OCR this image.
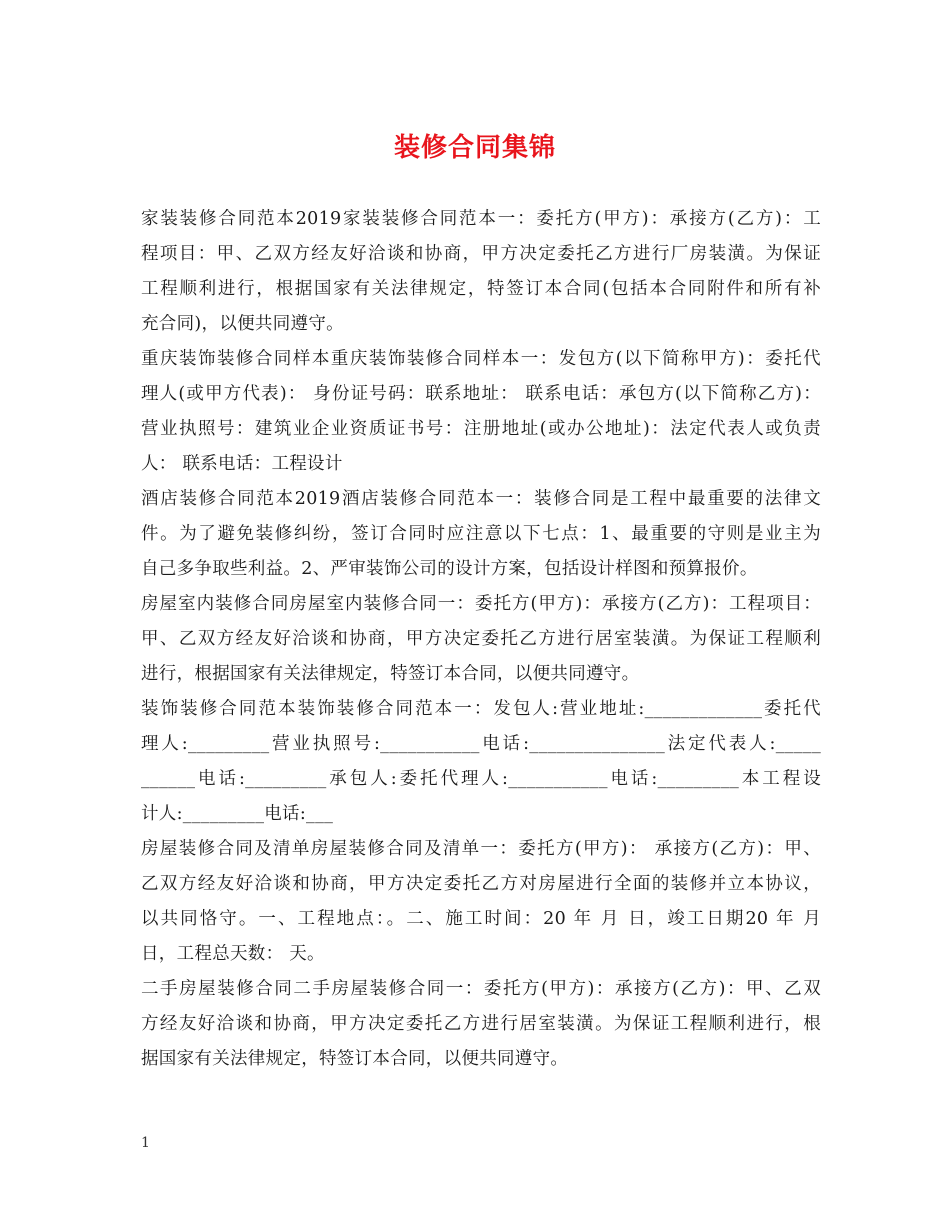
装修合同集锦
家装装修合同范本2019家装装修合同范本一：委托方(甲方)：承接方(乙方)：工
程项目：甲、乙双方经友好洽谈和协商，甲方决定委托乙方进行厂房装潢。为保证
工程顺利进行，根据国家有关法律规定，特签订本合同(包括本合同附件和所有补
充合同)，以便共同遵守。
重庆装饰装修合同样本重庆装饰装修合同样本一：发包方(以下简称甲方)：委托代
理人(或甲方代表)： 身份证号码：联系地址： 联系电话：承包方(以下简称乙方)：
营业执照号：建筑业企业资质证书号：注册地址(或办公地址)：法定代表人或负责
人： 联系电话：工程设计
酒店装修合同范本2019酒店装修合同范本一：装修合同是工程中最重要的法律文
件。为了避免装修纠纷，签订合同时应注意以下七点：1、最重要的守则是业主为
自己多争取些利益。2、严审装饰公司的设计方案，包括设计样图和预算报价。
房屋室内装修合同房屋室内装修合同一：委托方(甲方)：承接方(乙方)：工程项目：
甲、乙双方经友好洽谈和协商，甲方决定委托乙方进行居室装潢。为保证工程顺利
进行，根据国家有关法律规定，特签订本合同，以便共同遵守。
装饰装修合同范本装饰装修合同范本一：发包人:营业地址:_____________委托代
理人:_________营业执照号:___________电话:_______________法定代表人:_____
______电话:_________承包人:委托代理人:___________电话:_________本工程设
计人:_________电话:___
房屋装修合同及清单房屋装修合同及清单一：委托方(甲方)： 承接方(乙方)：甲、
乙双方经友好洽谈和协商，甲方决定委托乙方对房屋进行全面的装修并立本协议，
以共同恪守。一、工程地点：。二、施工时间：20 年 月 日，竣工日期20 年 月
日，工程总天数： 天。
二手房屋装修合同二手房屋装修合同一：委托方(甲方)：承接方(乙方)：甲、乙双
方经友好洽谈和协商，甲方决定委托乙方进行居室装潢。为保证工程顺利进行，根
据国家有关法律规定，特签订本合同，以便共同遵守。
1
